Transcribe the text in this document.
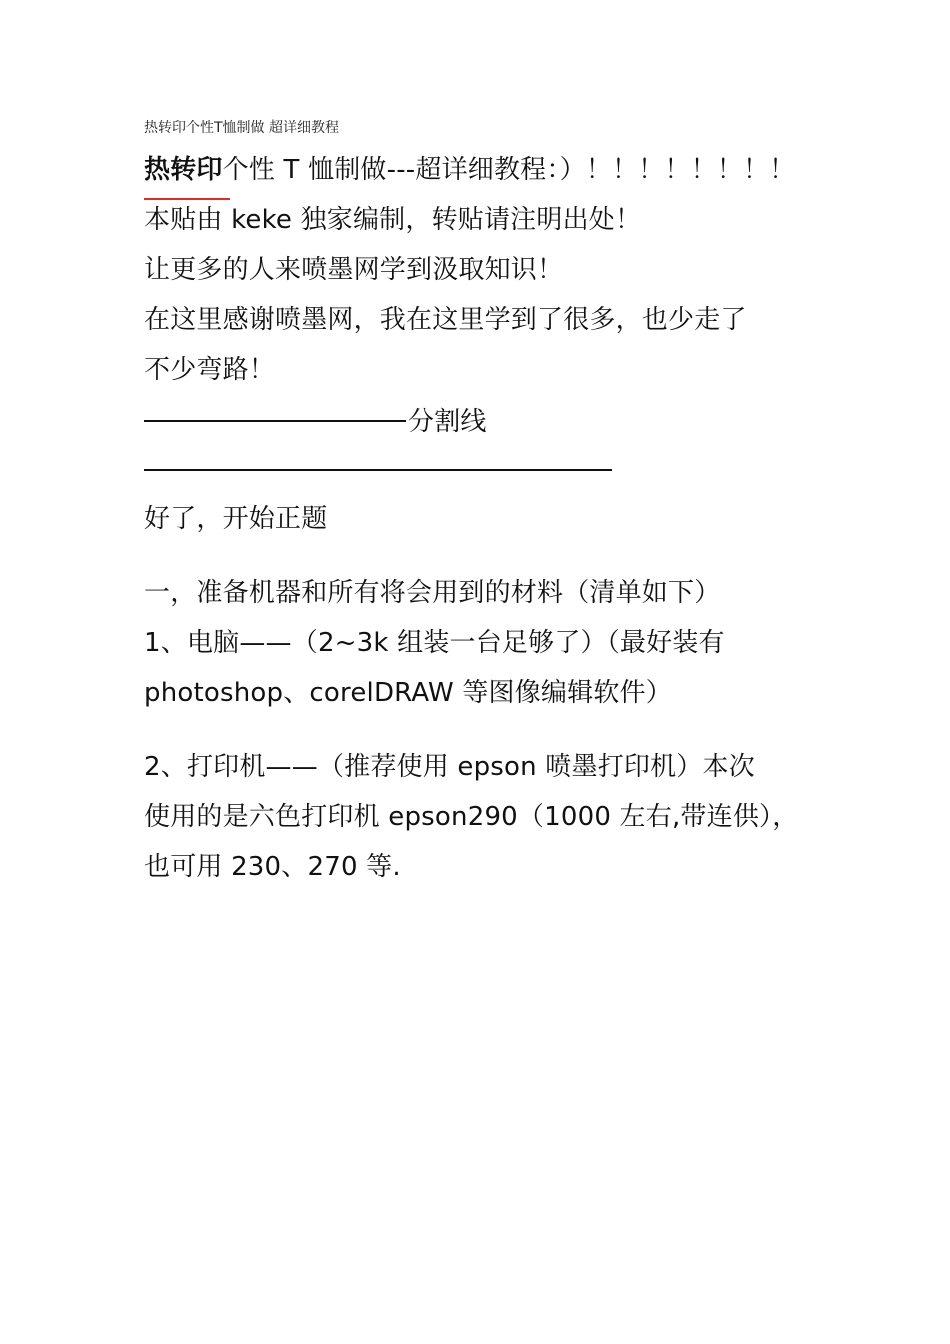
热转印个性T恤制做 超详细教程
热转印个性 T 恤制做---超详细教程：）！！！！！！！！
本贴由 keke 独家编制，转贴请注明出处！
让更多的人来喷墨网学到汲取知识！
在这里感谢喷墨网，我在这里学到了很多，也少走了
不少弯路！
分割线
好了，开始正题
一，准备机器和所有将会用到的材料（清单如下）
1、电脑——（2~3k 组装一台足够了）（最好装有
photoshop、corelDRAW 等图像编辑软件）
2、打印机——（推荐使用 epson 喷墨打印机）本次
使用的是六色打印机 epson290（1000 左右,带连供），
也可用 230、270 等.
